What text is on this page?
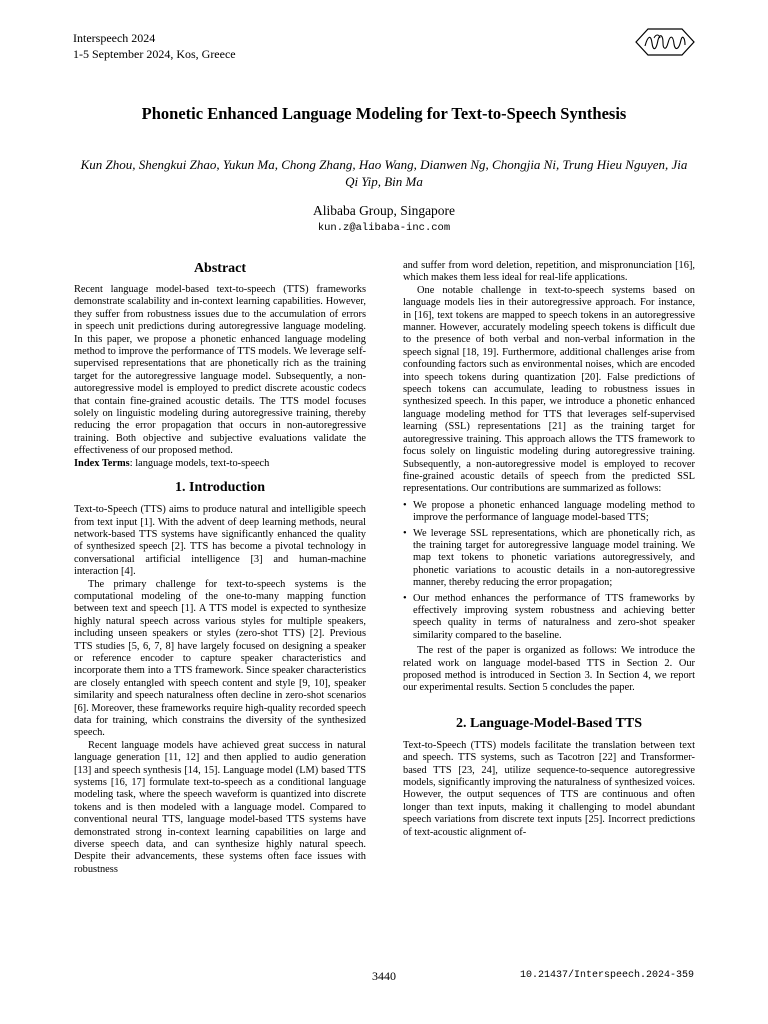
Interspeech 2024
1-5 September 2024, Kos, Greece
Phonetic Enhanced Language Modeling for Text-to-Speech Synthesis
Kun Zhou, Shengkui Zhao, Yukun Ma, Chong Zhang, Hao Wang, Dianwen Ng, Chongjia Ni, Trung Hieu Nguyen, Jia Qi Yip, Bin Ma
Alibaba Group, Singapore
kun.z@alibaba-inc.com
Abstract

Recent language model-based text-to-speech (TTS) frameworks demonstrate scalability and in-context learning capabilities. However, they suffer from robustness issues due to the accumulation of errors in speech unit predictions during autoregressive language modeling. In this paper, we propose a phonetic enhanced language modeling method to improve the performance of TTS models. We leverage self-supervised representations that are phonetically rich as the training target for the autoregressive language model. Subsequently, a non-autoregressive model is employed to predict discrete acoustic codecs that contain fine-grained acoustic details. The TTS model focuses solely on linguistic modeling during autoregressive training, thereby reducing the error propagation that occurs in non-autoregressive training. Both objective and subjective evaluations validate the effectiveness of our proposed method.

Index Terms: language models, text-to-speech

1. Introduction

Text-to-Speech (TTS) aims to produce natural and intelligible speech from text input [1]. With the advent of deep learning methods, neural network-based TTS systems have significantly enhanced the quality of synthesized speech [2]. TTS has become a pivotal technology in conversational artificial intelligence [3] and human-machine interaction [4].

The primary challenge for text-to-speech systems is the computational modeling of the one-to-many mapping function between text and speech [1]. A TTS model is expected to synthesize highly natural speech across various styles for multiple speakers, including unseen speakers or styles (zero-shot TTS) [2]. Previous TTS studies [5, 6, 7, 8] have largely focused on designing a speaker or reference encoder to capture speaker characteristics and incorporate them into a TTS framework. Since speaker characteristics are closely entangled with speech content and style [9, 10], speaker similarity and speech naturalness often decline in zero-shot scenarios [6]. Moreover, these frameworks require high-quality recorded speech data for training, which constrains the diversity of the synthesized speech.

Recent language models have achieved great success in natural language generation [11, 12] and then applied to audio generation [13] and speech synthesis [14, 15]. Language model (LM) based TTS systems [16, 17] formulate text-to-speech as a conditional language modeling task, where the speech waveform is quantized into discrete tokens and is then modeled with a language model. Compared to conventional neural TTS, language model-based TTS systems have demonstrated strong in-context learning capabilities on large and diverse speech data, and can synthesize highly natural speech. Despite their advancements, these systems often face issues with robustness

and suffer from word deletion, repetition, and mispronunciation [16], which makes them less ideal for real-life applications.

One notable challenge in text-to-speech systems based on language models lies in their autoregressive approach. For instance, in [16], text tokens are mapped to speech tokens in an autoregressive manner. However, accurately modeling speech tokens is difficult due to the presence of both verbal and non-verbal information in the speech signal [18, 19]. Furthermore, additional challenges arise from confounding factors such as environmental noises, which are encoded into speech tokens during quantization [20]. False predictions of speech tokens can accumulate, leading to robustness issues in synthesized speech. In this paper, we introduce a phonetic enhanced language modeling method for TTS that leverages self-supervised learning (SSL) representations [21] as the training target for autoregressive training. This approach allows the TTS framework to focus solely on linguistic modeling during autoregressive training. Subsequently, a non-autoregressive model is employed to recover fine-grained acoustic details of speech from the predicted SSL representations. Our contributions are summarized as follows:

• We propose a phonetic enhanced language modeling method to improve the performance of language model-based TTS;
• We leverage SSL representations, which are phonetically rich, as the training target for autoregressive language model training. We map text tokens to phonetic variations autoregressively, and phonetic variations to acoustic details in a non-autoregressive manner, thereby reducing the error propagation;
• Our method enhances the performance of TTS frameworks by effectively improving system robustness and achieving better speech quality in terms of naturalness and zero-shot speaker similarity compared to the baseline.

The rest of the paper is organized as follows: We introduce the related work on language model-based TTS in Section 2. Our proposed method is introduced in Section 3. In Section 4, we report our experimental results. Section 5 concludes the paper.

2. Language-Model-Based TTS

Text-to-Speech (TTS) models facilitate the translation between text and speech. TTS systems, such as Tacotron [22] and Transformer-based TTS [23, 24], utilize sequence-to-sequence autoregressive models, significantly improving the naturalness of synthesized voices. However, the output sequences of TTS are continuous and often longer than text inputs, making it challenging to model abundant speech variations from discrete text inputs [25]. Incorrect predictions of text-acoustic alignment of-

3440	10.21437/Interspeech.2024-359
